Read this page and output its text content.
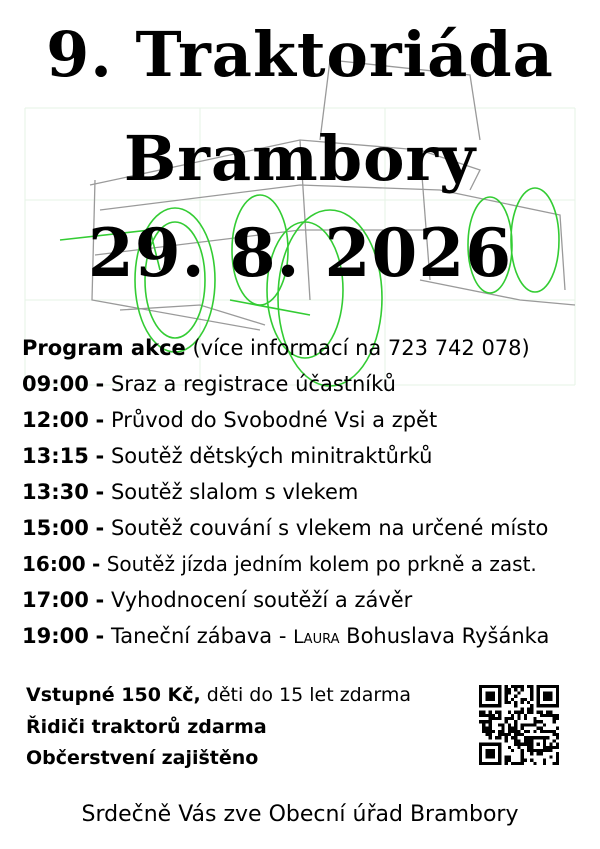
9. Traktoriáda
Brambory
29. 8. 2026
Program akce (více informací na 723 742 078)
09:00 - Sraz a registrace účastníků
12:00 - Průvod do Svobodné Vsi a zpět
13:15 - Soutěž dětských minitraktůrků
13:30 - Soutěž slalom s vlekem
15:00 - Soutěž couvání s vlekem na určené místo
16:00 - Soutěž jízda jedním kolem po prkně a zast.
17:00 - Vyhodnocení soutěží a závěr
19:00 - Taneční zábava - Laura Bohuslava Ryšánka
Vstupné 150 Kč, děti do 15 let zdarma
Řidiči traktorů zdarma
Občerstvení zajištěno
Srdečně Vás zve Obecní úřad Brambory
